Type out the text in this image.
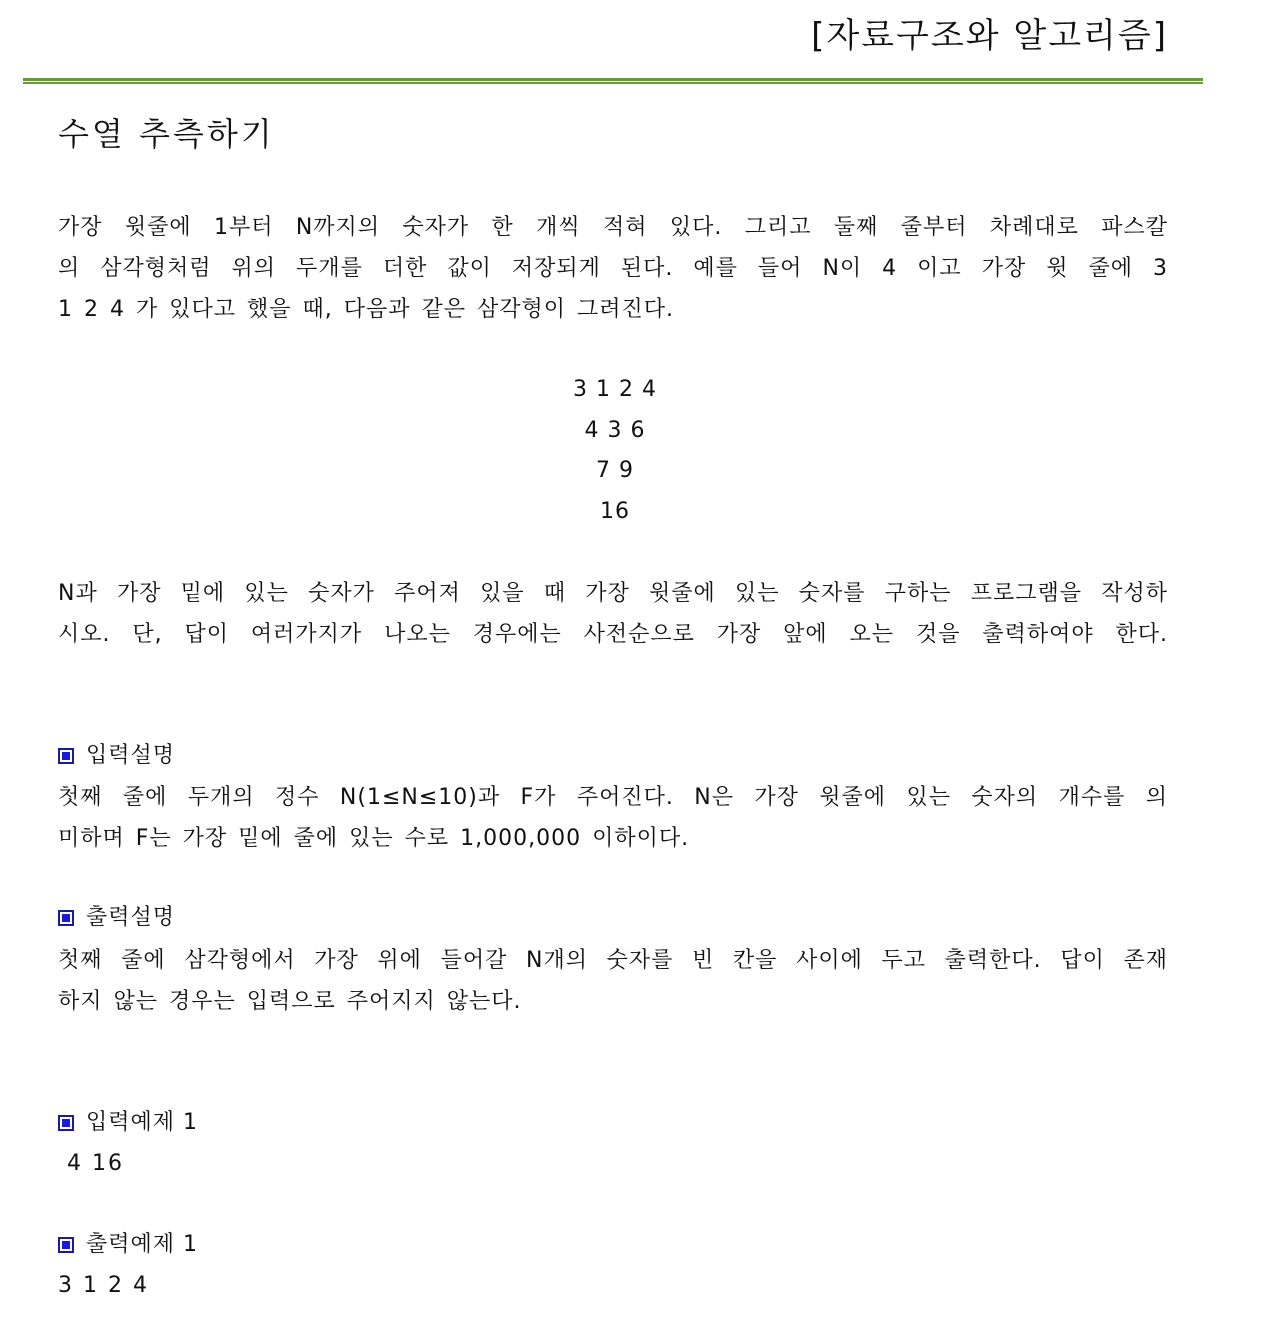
[자료구조와 알고리즘]
수열 추측하기
가장 윗줄에 1부터 N까지의 숫자가 한 개씩 적혀 있다. 그리고 둘째 줄부터 차례대로 파스칼
의 삼각형처럼 위의 두개를 더한 값이 저장되게 된다. 예를 들어 N이 4 이고 가장 윗 줄에 3
1 2 4 가 있다고 했을 때, 다음과 같은 삼각형이 그려진다.
3 1 2 4
4 3 6
7 9
16
N과 가장 밑에 있는 숫자가 주어져 있을 때 가장 윗줄에 있는 숫자를 구하는 프로그램을 작성하
시오. 단, 답이 여러가지가 나오는 경우에는 사전순으로 가장 앞에 오는 것을 출력하여야 한다.
입력설명
첫째 줄에 두개의 정수 N(1≤N≤10)과 F가 주어진다. N은 가장 윗줄에 있는 숫자의 개수를 의
미하며 F는 가장 밑에 줄에 있는 수로 1,000,000 이하이다.
출력설명
첫째 줄에 삼각형에서 가장 위에 들어갈 N개의 숫자를 빈 칸을 사이에 두고 출력한다. 답이 존재
하지 않는 경우는 입력으로 주어지지 않는다.
입력예제 1
4 16
출력예제 1
3 1 2 4
